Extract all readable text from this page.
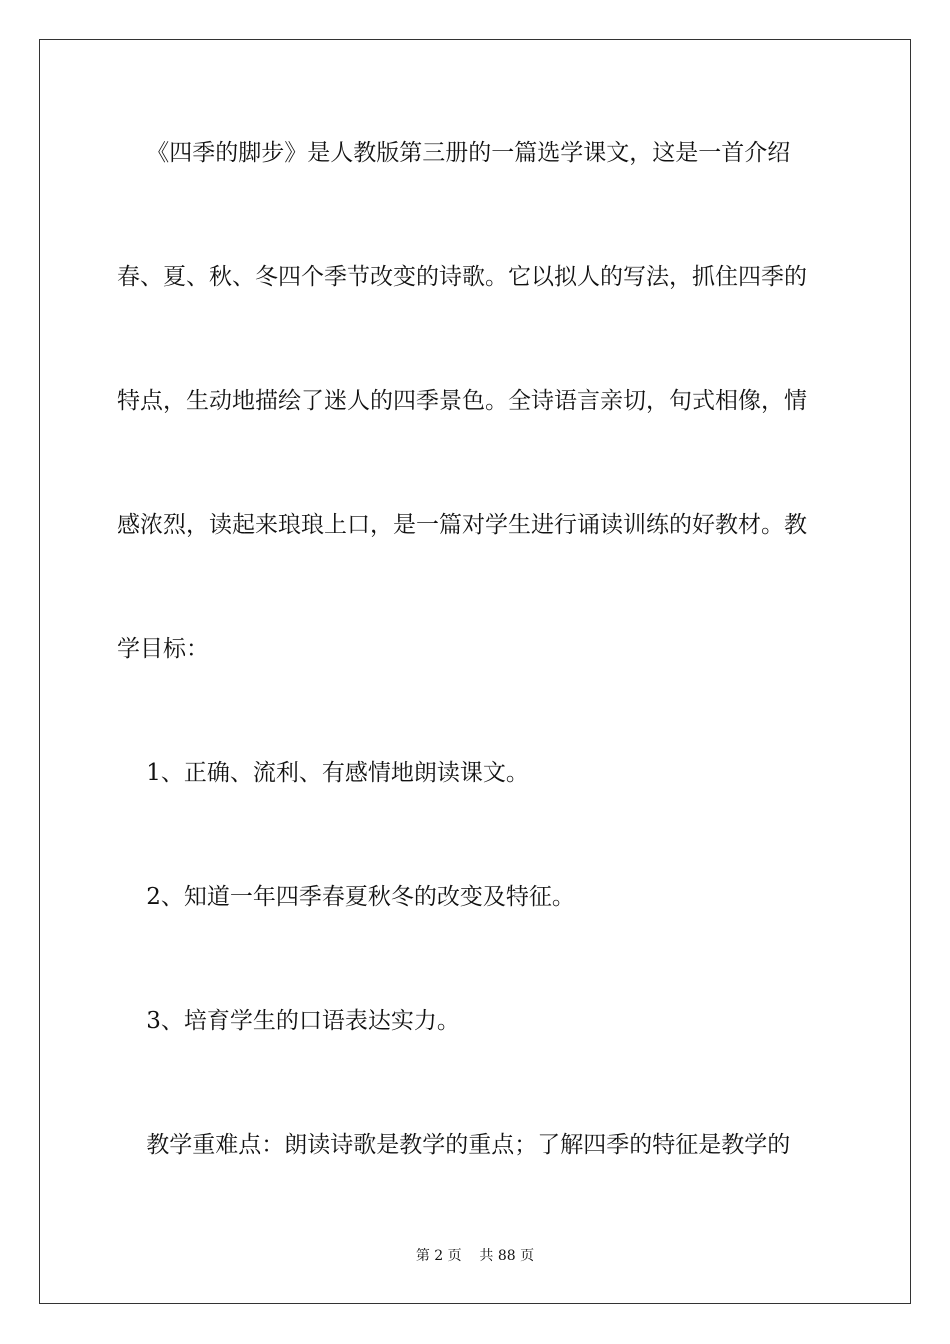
《四季的脚步》是人教版第三册的一篇选学课文，这是一首介绍
春、夏、秋、冬四个季节改变的诗歌。它以拟人的写法，抓住四季的
特点，生动地描绘了迷人的四季景色。全诗语言亲切，句式相像，情
感浓烈，读起来琅琅上口，是一篇对学生进行诵读训练的好教材。教
学目标：
1、正确、流利、有感情地朗读课文。
2、知道一年四季春夏秋冬的改变及特征。
3、培育学生的口语表达实力。
教学重难点：朗读诗歌是教学的重点；了解四季的特征是教学的
第 2 页    共 88 页
